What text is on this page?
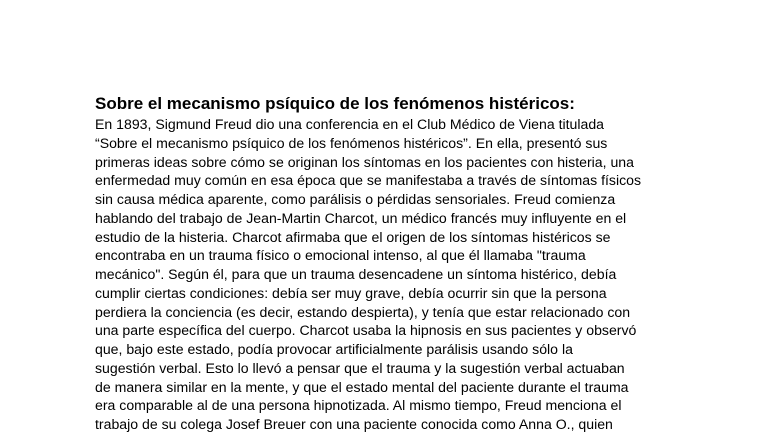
Sobre el mecanismo psíquico de los fenómenos histéricos:
En 1893, Sigmund Freud dio una conferencia en el Club Médico de Viena titulada
“Sobre el mecanismo psíquico de los fenómenos histéricos”. En ella, presentó sus
primeras ideas sobre cómo se originan los síntomas en los pacientes con histeria, una
enfermedad muy común en esa época que se manifestaba a través de síntomas físicos
sin causa médica aparente, como parálisis o pérdidas sensoriales. Freud comienza
hablando del trabajo de Jean-Martin Charcot, un médico francés muy influyente en el
estudio de la histeria. Charcot afirmaba que el origen de los síntomas histéricos se
encontraba en un trauma físico o emocional intenso, al que él llamaba "trauma
mecánico". Según él, para que un trauma desencadene un síntoma histérico, debía
cumplir ciertas condiciones: debía ser muy grave, debía ocurrir sin que la persona
perdiera la conciencia (es decir, estando despierta), y tenía que estar relacionado con
una parte específica del cuerpo. Charcot usaba la hipnosis en sus pacientes y observó
que, bajo este estado, podía provocar artificialmente parálisis usando sólo la
sugestión verbal. Esto lo llevó a pensar que el trauma y la sugestión verbal actuaban
de manera similar en la mente, y que el estado mental del paciente durante el trauma
era comparable al de una persona hipnotizada. Al mismo tiempo, Freud menciona el
trabajo de su colega Josef Breuer con una paciente conocida como Anna O., quien
